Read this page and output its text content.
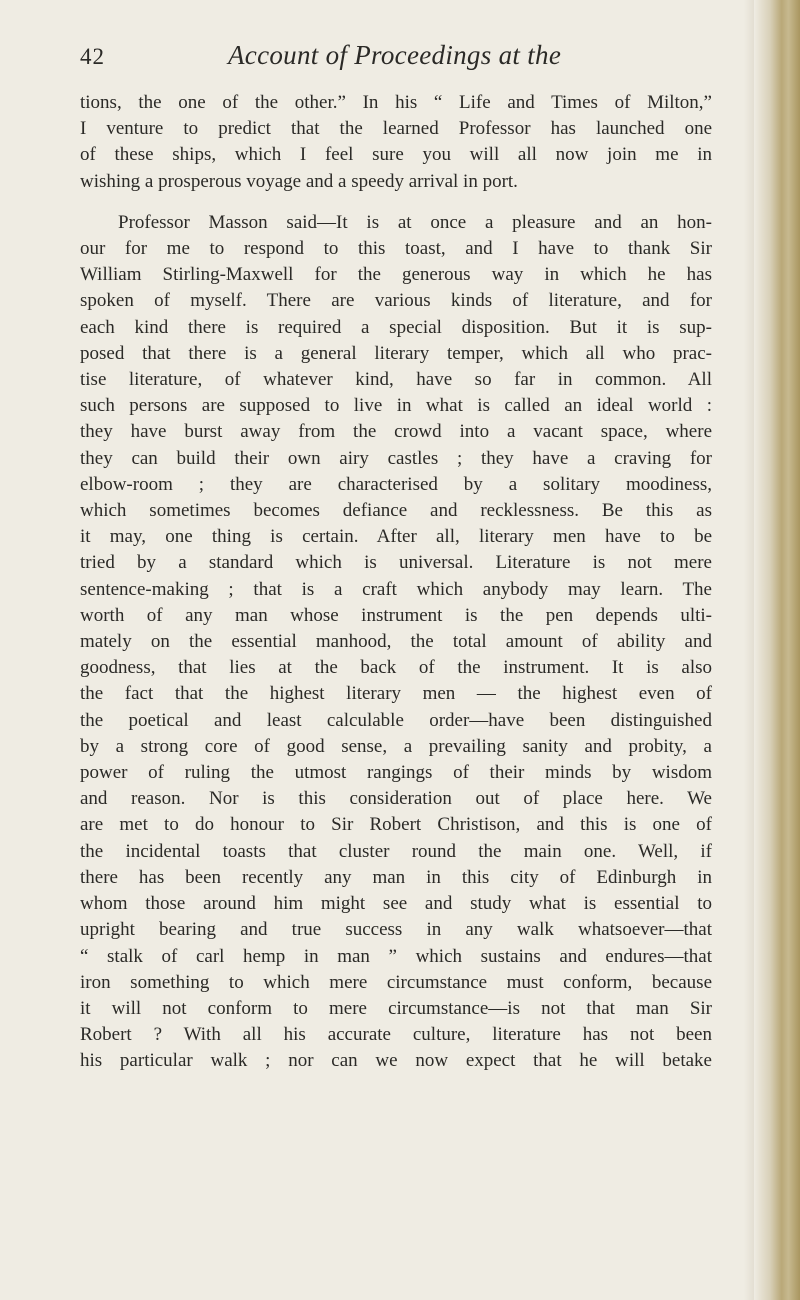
42	Account of Proceedings at the

tions, the one of the other.” In his “ Life and Times of Milton,”
I venture to predict that the learned Professor has launched one
of these ships, which I feel sure you will all now join me in
wishing a prosperous voyage and a speedy arrival in port.

Professor Masson said—It is at once a pleasure and an hon-
our for me to respond to this toast, and I have to thank Sir
William Stirling-Maxwell for the generous way in which he has
spoken of myself. There are various kinds of literature, and for
each kind there is required a special disposition. But it is sup-
posed that there is a general literary temper, which all who prac-
tise literature, of whatever kind, have so far in common. All
such persons are supposed to live in what is called an ideal world :
they have burst away from the crowd into a vacant space, where
they can build their own airy castles ; they have a craving for
elbow-room ; they are characterised by a solitary moodiness,
which sometimes becomes defiance and recklessness. Be this as
it may, one thing is certain. After all, literary men have to be
tried by a standard which is universal. Literature is not mere
sentence-making ; that is a craft which anybody may learn. The
worth of any man whose instrument is the pen depends ulti-
mately on the essential manhood, the total amount of ability and
goodness, that lies at the back of the instrument. It is also
the fact that the highest literary men — the highest even of
the poetical and least calculable order—have been distinguished
by a strong core of good sense, a prevailing sanity and probity, a
power of ruling the utmost rangings of their minds by wisdom
and reason. Nor is this consideration out of place here. We
are met to do honour to Sir Robert Christison, and this is one of
the incidental toasts that cluster round the main one. Well, if
there has been recently any man in this city of Edinburgh in
whom those around him might see and study what is essential to
upright bearing and true success in any walk whatsoever—that
“ stalk of carl hemp in man ” which sustains and endures—that
iron something to which mere circumstance must conform, because
it will not conform to mere circumstance—is not that man Sir
Robert ? With all his accurate culture, literature has not been
his particular walk ; nor can we now expect that he will betake
